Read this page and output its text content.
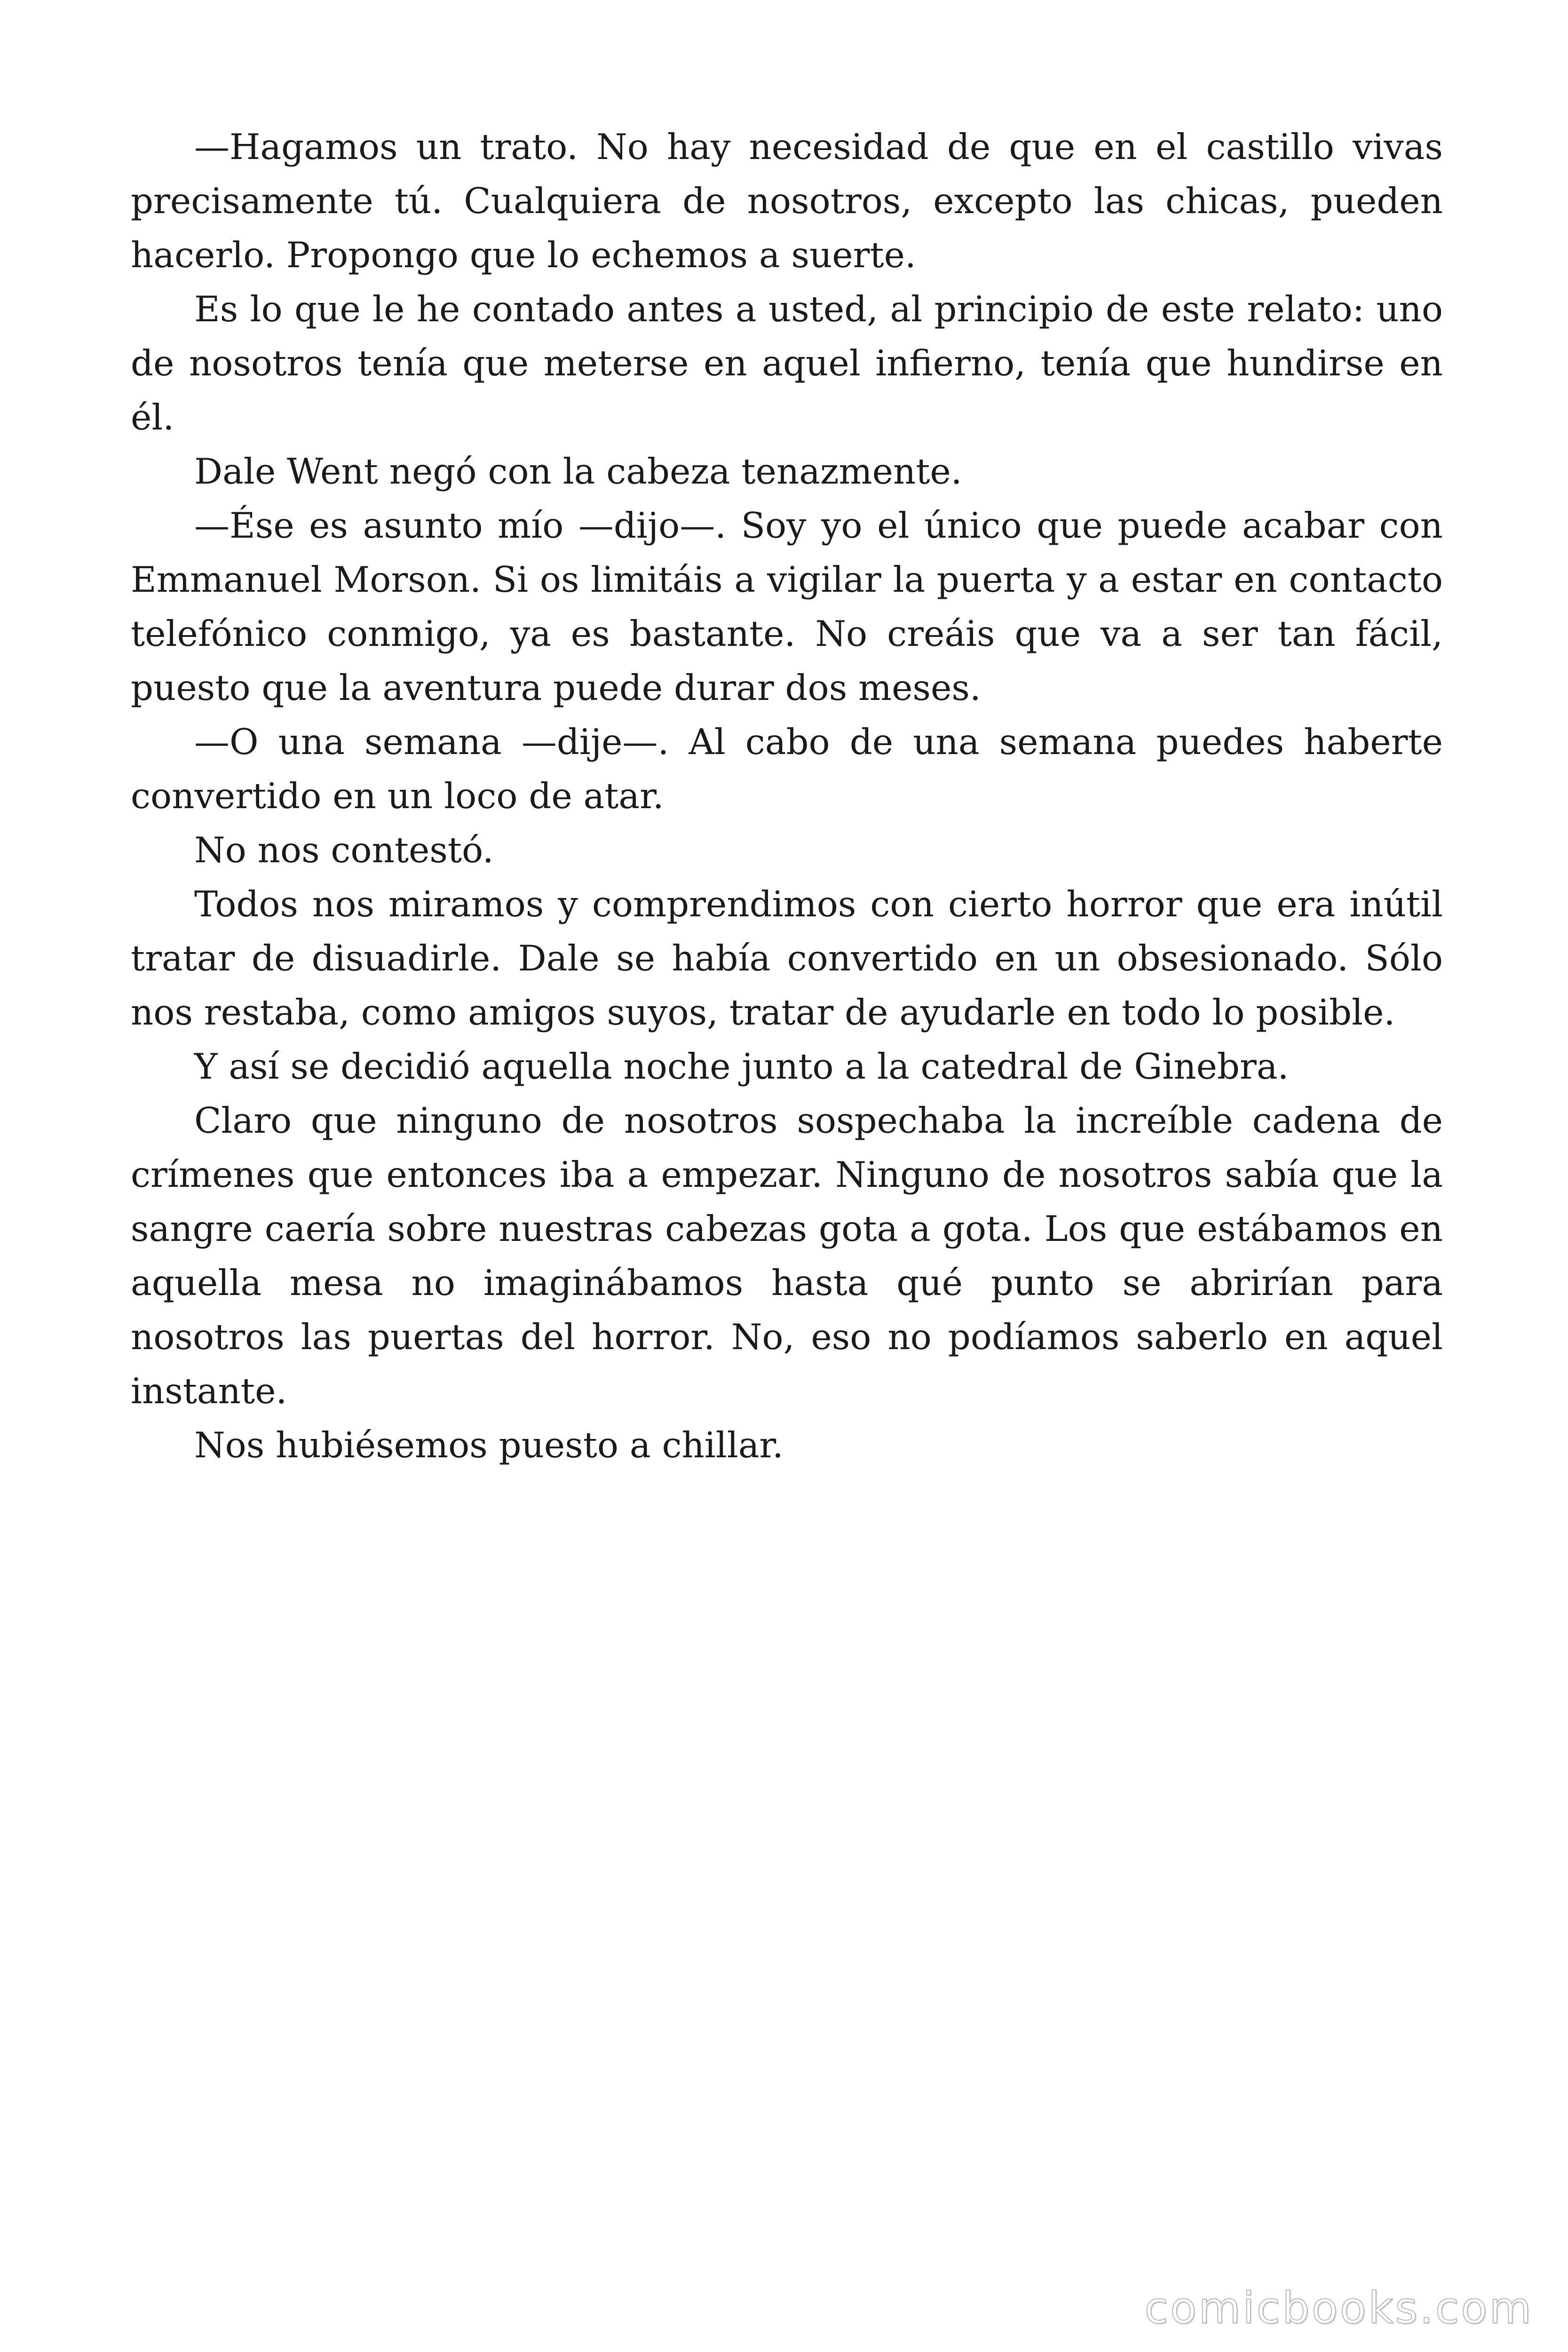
—Hagamos un trato. No hay necesidad de que en el castillo vivas precisamente tú. Cualquiera de nosotros, excepto las chicas, pueden hacerlo. Propongo que lo echemos a suerte.

Es lo que le he contado antes a usted, al principio de este relato: uno de nosotros tenía que meterse en aquel infierno, tenía que hundirse en él.

Dale Went negó con la cabeza tenazmente.

—Ése es asunto mío —dijo—. Soy yo el único que puede acabar con Emmanuel Morson. Si os limitáis a vigilar la puerta y a estar en contacto telefónico conmigo, ya es bastante. No creáis que va a ser tan fácil, puesto que la aventura puede durar dos meses.

—O una semana —dije—. Al cabo de una semana puedes haberte convertido en un loco de atar.

No nos contestó.

Todos nos miramos y comprendimos con cierto horror que era inútil tratar de disuadirle. Dale se había convertido en un obsesionado. Sólo nos restaba, como amigos suyos, tratar de ayudarle en todo lo posible.

Y así se decidió aquella noche junto a la catedral de Ginebra.

Claro que ninguno de nosotros sospechaba la increíble cadena de crímenes que entonces iba a empezar. Ninguno de nosotros sabía que la sangre caería sobre nuestras cabezas gota a gota. Los que estábamos en aquella mesa no imaginábamos hasta qué punto se abrirían para nosotros las puertas del horror. No, eso no podíamos saberlo en aquel instante.

Nos hubiésemos puesto a chillar.

comicbooks.com
